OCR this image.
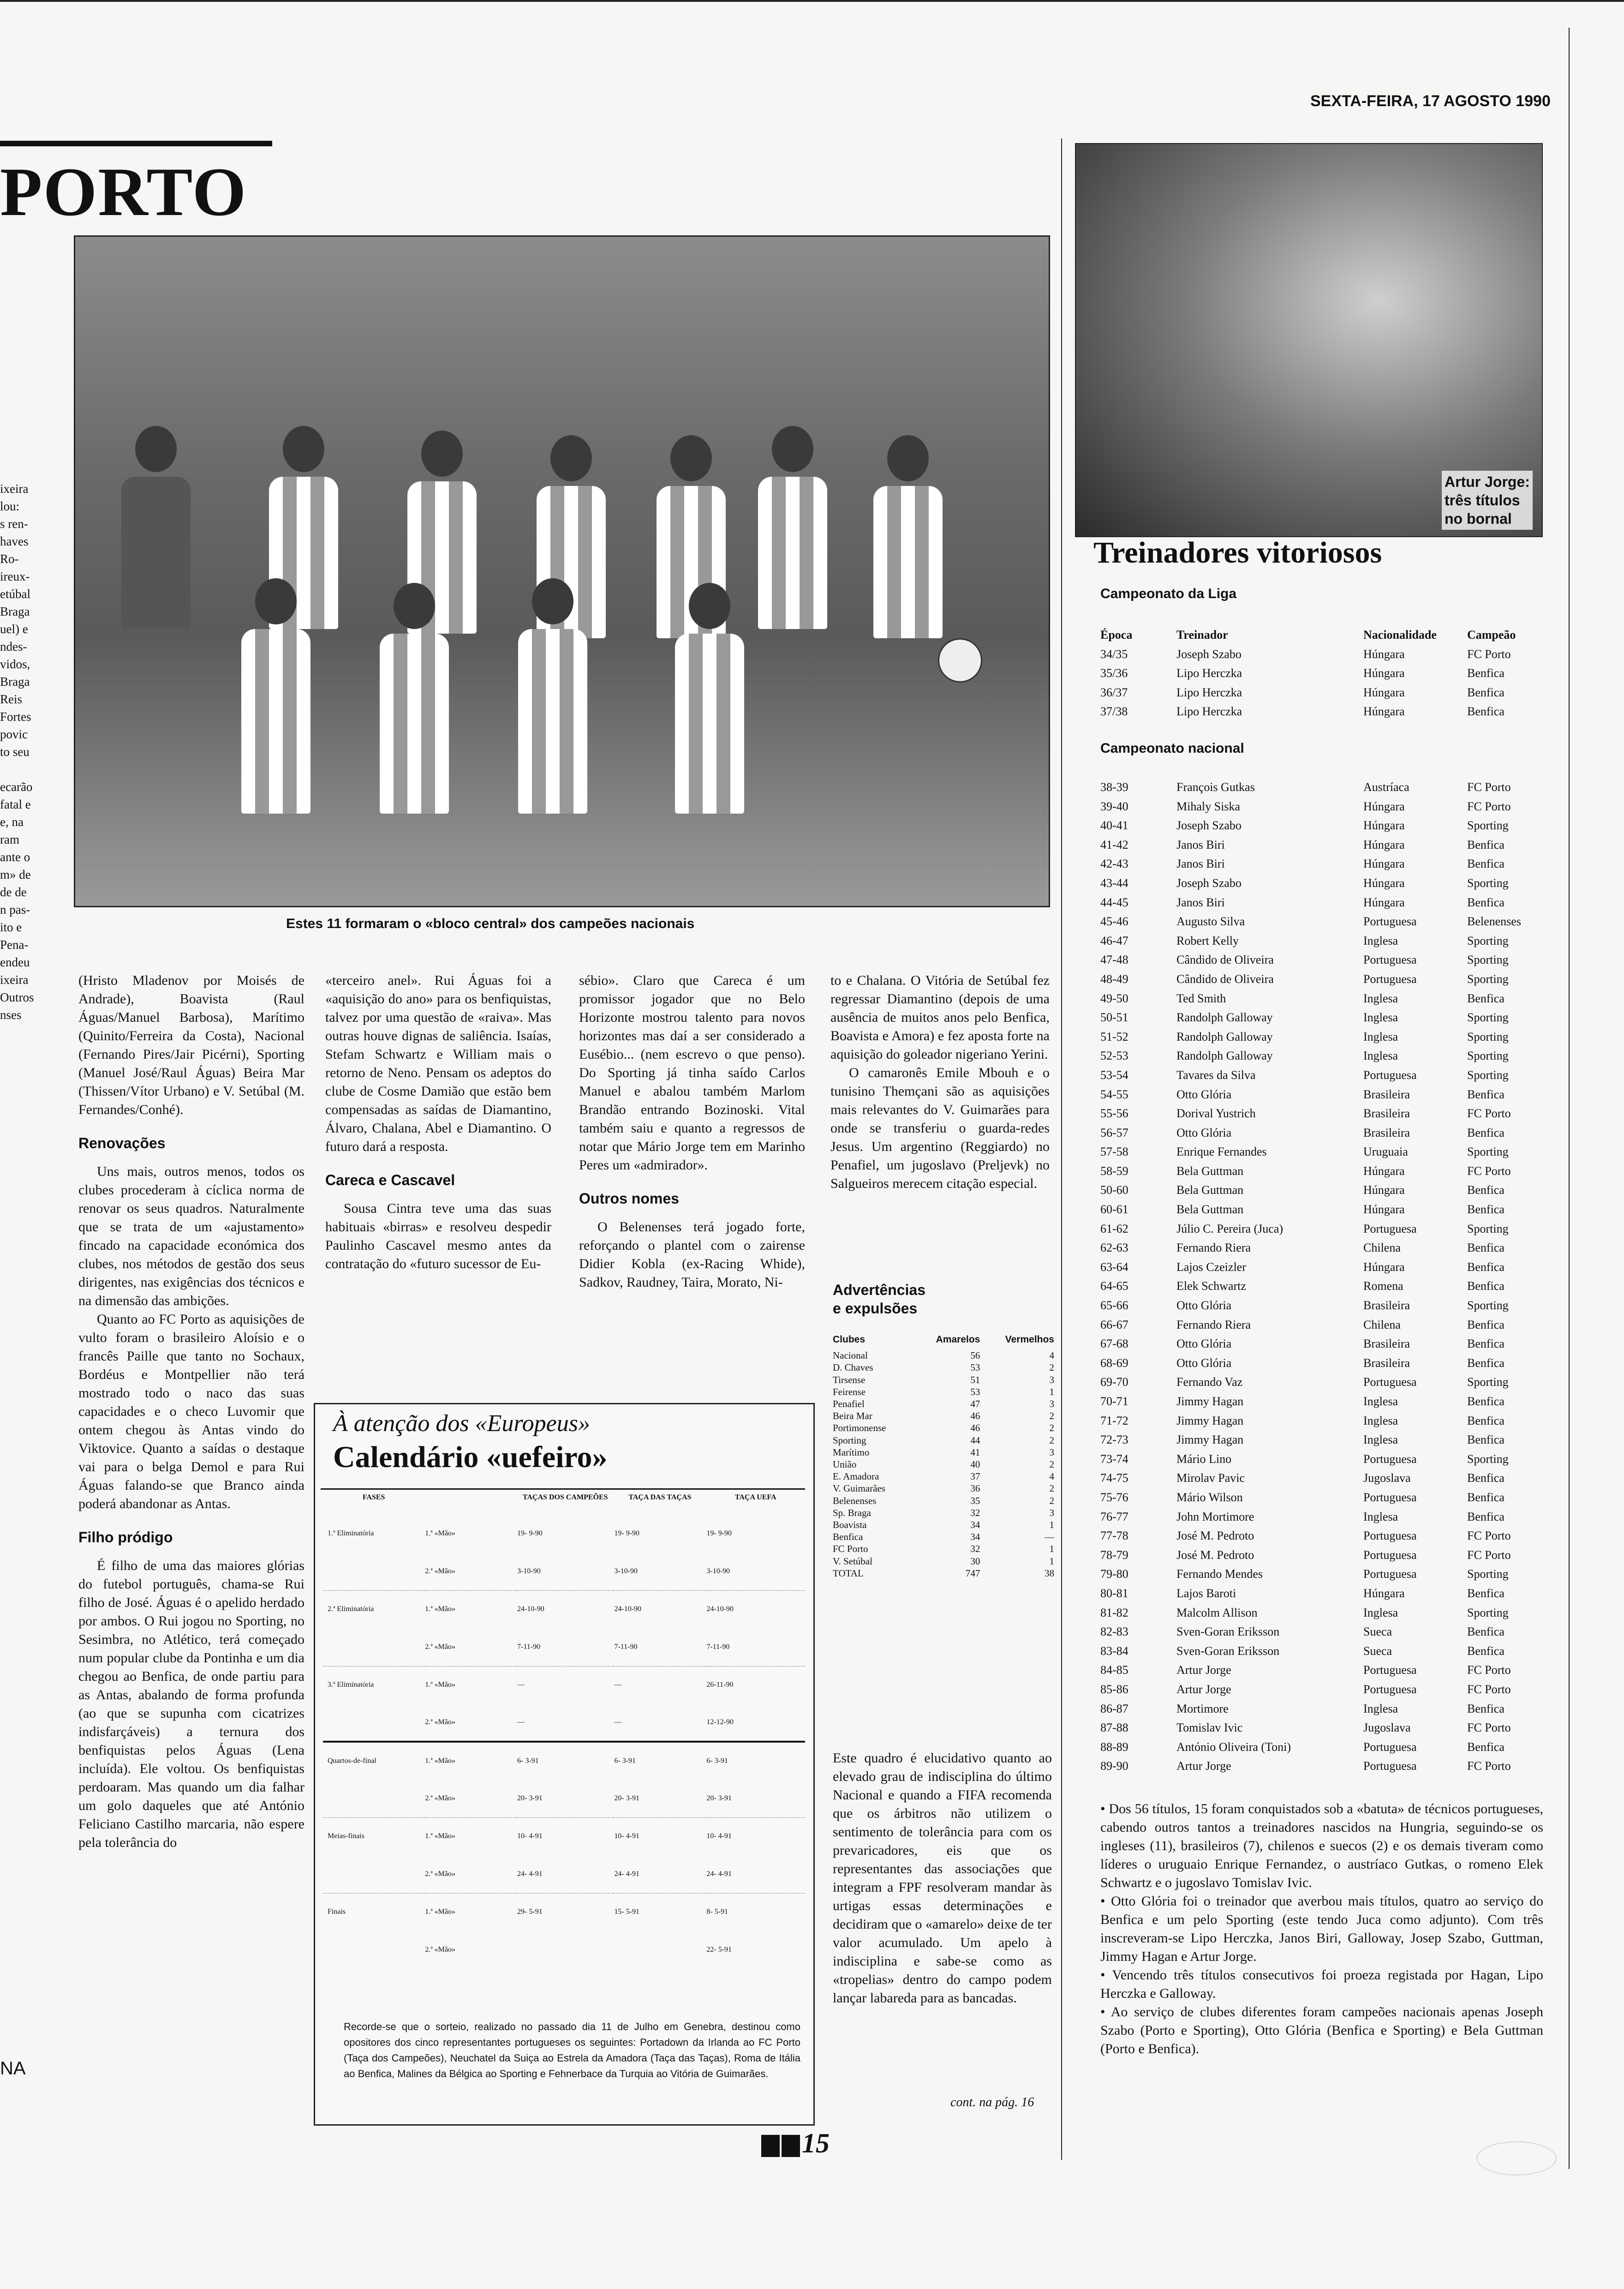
SEXTA-FEIRA, 17 AGOSTO 1990
PORTO
Estes 11 formaram o «bloco central» dos campeões nacionais
ixeira
lou:
s ren-
haves
Ro-
ireux-
etúbal
Braga
uel) e
ndes-
vidos,
Braga
Reis
Fortes
povic
to seu
ecarão
fatal e
e, na
ram
ante o
m» de
de de
n pas-
ito e
Pena-
endeu
ixeira
Outros
nses
NA

(Hristo Mladenov por Moisés de Andrade), Boavista (Raul Águas/Manuel Barbosa), Marítimo (Quinito/Ferreira da Costa), Nacional (Fernando Pires/Jair Picérni), Sporting (Manuel José/Raul Águas) Beira Mar (Thissen/Vítor Urbano) e V. Setúbal (M. Fernandes/Conhé).

Renovações

Uns mais, outros menos, todos os clubes procederam à cíclica norma de renovar os seus quadros. Naturalmente que se trata de um «ajustamento» fincado na capacidade económica dos clubes, nos métodos de gestão dos seus dirigentes, nas exigências dos técnicos e na dimensão das ambições.

Quanto ao FC Porto as aquisições de vulto foram o brasileiro Aloísio e o francês Paille que tanto no Sochaux, Bordéus e Montpellier não terá mostrado todo o naco das suas capacidades e o checo Luvomir que ontem chegou às Antas vindo do Viktovice. Quanto a saídas o destaque vai para o belga Demol e para Rui Águas falando-se que Branco ainda poderá abandonar as Antas.

Filho pródigo

É filho de uma das maiores glórias do futebol português, chama-se Rui filho de José. Águas é o apelido herdado por ambos. O Rui jogou no Sporting, no Sesimbra, no Atlético, terá começado num popular clube da Pontinha e um dia chegou ao Benfica, de onde partiu para as Antas, abalando de forma profunda (ao que se supunha com cicatrizes indisfarçáveis) a ternura dos benfiquistas pelos Águas (Lena incluída). Ele voltou. Os benfiquistas perdoaram. Mas quando um dia falhar um golo daqueles que até António Feliciano Castilho marcaria, não espere pela tolerância do

«terceiro anel». Rui Águas foi a «aquisição do ano» para os benfiquistas, talvez por uma questão de «raiva». Mas outras houve dignas de saliência. Isaías, Stefam Schwartz e William mais o retorno de Neno. Pensam os adeptos do clube de Cosme Damião que estão bem compensadas as saídas de Diamantino, Álvaro, Chalana, Abel e Diamantino. O futuro dará a resposta.

Careca e Cascavel

Sousa Cintra teve uma das suas habituais «birras» e resolveu despedir Paulinho Cascavel mesmo antes da contratação do «futuro sucessor de Eu-

sébio». Claro que Careca é um promissor jogador que no Belo Horizonte mostrou talento para novos horizontes mas daí a ser considerado a Eusébio... (nem escrevo o que penso). Do Sporting já tinha saído Carlos Manuel e abalou também Marlom Brandão entrando Bozinoski. Vital também saiu e quanto a regressos de notar que Mário Jorge tem em Marinho Peres um «admirador».

Outros nomes

O Belenenses terá jogado forte, reforçando o plantel com o zairense Didier Kobla (ex-Racing Whide), Sadkov, Raudney, Taira, Morato, Ni-

to e Chalana. O Vitória de Setúbal fez regressar Diamantino (depois de uma ausência de muitos anos pelo Benfica, Boavista e Amora) e fez aposta forte na aquisição do goleador nigeriano Yerini.

O camaronês Emile Mbouh e o tunisino Themçani são as aquisições mais relevantes do V. Guimarães para onde se transferiu o guarda-redes Jesus. Um argentino (Reggiardo) no Penafiel, um jugoslavo (Preljevk) no Salgueiros merecem citação especial.

Advertências
e expulsões
Clubes	Amarelos	Vermelhos
Nacional	56	4
D. Chaves	53	2
Tirsense	51	3
Feirense	53	1
Penafiel	47	3
Beira Mar	46	2
Portimonense	46	2
Sporting	44	2
Marítimo	41	3
União	40	2
E. Amadora	37	4
V. Guimarães	36	2
Belenenses	35	2
Sp. Braga	32	3
Boavista	34	1
Benfica	34	—
FC Porto	32	1
V. Setúbal	30	1
TOTAL	747	38

Este quadro é elucidativo quanto ao elevado grau de indisciplina do último Nacional e quando a FIFA recomenda que os árbitros não utilizem o sentimento de tolerância para com os prevaricadores, eis que os representantes das associações que integram a FPF resolveram mandar às urtigas essas determinações e decidiram que o «amarelo» deixe de ter valor acumulado. Um apelo à indisciplina e sabe-se como as «tropelias» dentro do campo podem lançar labareda para as bancadas.

cont. na pág. 16
À atenção dos «Europeus»
Calendário «uefeiro»
FASES		TAÇAS DOS CAMPEÕES	TAÇA DAS TAÇAS	TAÇA UEFA
1.ª Eliminatória	1.ª «Mão»	19- 9-90	19- 9-90	19- 9-90
	2.ª «Mão»	3-10-90	3-10-90	3-10-90
2.ª Eliminatória	1.ª «Mão»	24-10-90	24-10-90	24-10-90
	2.ª «Mão»	7-11-90	7-11-90	7-11-90
3.ª Eliminatória	1.ª «Mão»	—	—	26-11-90
	2.ª «Mão»	—	—	12-12-90
Quartos-de-final	1.ª «Mão»	6- 3-91	6- 3-91	6- 3-91
	2.ª «Mão»	20- 3-91	20- 3-91	20- 3-91
Meias-finais	1.ª «Mão»	10- 4-91	10- 4-91	10- 4-91
	2.ª «Mão»	24- 4-91	24- 4-91	24- 4-91
Finais	1.ª «Mão»	29- 5-91	15- 5-91	8- 5-91
	2.ª «Mão»			22- 5-91
Recorde-se que o sorteio, realizado no passado dia 11 de Julho em Genebra, destinou como opositores dos cinco representantes portugueses os seguintes: Portadown da Irlanda ao FC Porto (Taça dos Campeões), Neuchatel da Suiça ao Estrela da Amadora (Taça das Taças), Roma de Itália ao Benfica, Malines da Bélgica ao Sporting e Fehnerbace da Turquia ao Vitória de Guimarães.
Artur Jorge:
três títulos
no bornal
Treinadores vitoriosos
Campeonato da Liga
Época	Treinador	Nacionalidade	Campeão
34/35	Joseph Szabo	Húngara	FC Porto
35/36	Lipo Herczka	Húngara	Benfica
36/37	Lipo Herczka	Húngara	Benfica
37/38	Lipo Herczka	Húngara	Benfica
Campeonato nacional
38-39	François Gutkas	Austríaca	FC Porto
39-40	Mihaly Siska	Húngara	FC Porto
40-41	Joseph Szabo	Húngara	Sporting
41-42	Janos Biri	Húngara	Benfica
42-43	Janos Biri	Húngara	Benfica
43-44	Joseph Szabo	Húngara	Sporting
44-45	Janos Biri	Húngara	Benfica
45-46	Augusto Silva	Portuguesa	Belenenses
46-47	Robert Kelly	Inglesa	Sporting
47-48	Cândido de Oliveira	Portuguesa	Sporting
48-49	Cândido de Oliveira	Portuguesa	Sporting
49-50	Ted Smith	Inglesa	Benfica
50-51	Randolph Galloway	Inglesa	Sporting
51-52	Randolph Galloway	Inglesa	Sporting
52-53	Randolph Galloway	Inglesa	Sporting
53-54	Tavares da Silva	Portuguesa	Sporting
54-55	Otto Glória	Brasileira	Benfica
55-56	Dorival Yustrich	Brasileira	FC Porto
56-57	Otto Glória	Brasileira	Benfica
57-58	Enrique Fernandes	Uruguaia	Sporting
58-59	Bela Guttman	Húngara	FC Porto
50-60	Bela Guttman	Húngara	Benfica
60-61	Bela Guttman	Húngara	Benfica
61-62	Júlio C. Pereira (Juca)	Portuguesa	Sporting
62-63	Fernando Riera	Chilena	Benfica
63-64	Lajos Czeizler	Húngara	Benfica
64-65	Elek Schwartz	Romena	Benfica
65-66	Otto Glória	Brasileira	Sporting
66-67	Fernando Riera	Chilena	Benfica
67-68	Otto Glória	Brasileira	Benfica
68-69	Otto Glória	Brasileira	Benfica
69-70	Fernando Vaz	Portuguesa	Sporting
70-71	Jimmy Hagan	Inglesa	Benfica
71-72	Jimmy Hagan	Inglesa	Benfica
72-73	Jimmy Hagan	Inglesa	Benfica
73-74	Mário Lino	Portuguesa	Sporting
74-75	Mirolav Pavic	Jugoslava	Benfica
75-76	Mário Wilson	Portuguesa	Benfica
76-77	John Mortimore	Inglesa	Benfica
77-78	José M. Pedroto	Portuguesa	FC Porto
78-79	José M. Pedroto	Portuguesa	FC Porto
79-80	Fernando Mendes	Portuguesa	Sporting
80-81	Lajos Baroti	Húngara	Benfica
81-82	Malcolm Allison	Inglesa	Sporting
82-83	Sven-Goran Eriksson	Sueca	Benfica
83-84	Sven-Goran Eriksson	Sueca	Benfica
84-85	Artur Jorge	Portuguesa	FC Porto
85-86	Artur Jorge	Portuguesa	FC Porto
86-87	Mortimore	Inglesa	Benfica
87-88	Tomislav Ivic	Jugoslava	FC Porto
88-89	António Oliveira (Toni)	Portuguesa	Benfica
89-90	Artur Jorge	Portuguesa	FC Porto

• Dos 56 títulos, 15 foram conquistados sob a «batuta» de técnicos portugueses, cabendo outros tantos a treinadores nascidos na Hungria, seguindo-se os ingleses (11), brasileiros (7), chilenos e suecos (2) e os demais tiveram como líderes o uruguaio Enrique Fernandez, o austríaco Gutkas, o romeno Elek Schwartz e o jugoslavo Tomislav Ivic.

• Otto Glória foi o treinador que averbou mais títulos, quatro ao serviço do Benfica e um pelo Sporting (este tendo Juca como adjunto). Com três inscreveram-se Lipo Herczka, Janos Biri, Galloway, Josep Szabo, Guttman, Jimmy Hagan e Artur Jorge.

• Vencendo três títulos consecutivos foi proeza registada por Hagan, Lipo Herczka e Galloway.

• Ao serviço de clubes diferentes foram campeões nacionais apenas Joseph Szabo (Porto e Sporting), Otto Glória (Benfica e Sporting) e Bela Guttman (Porto e Benfica).

15
